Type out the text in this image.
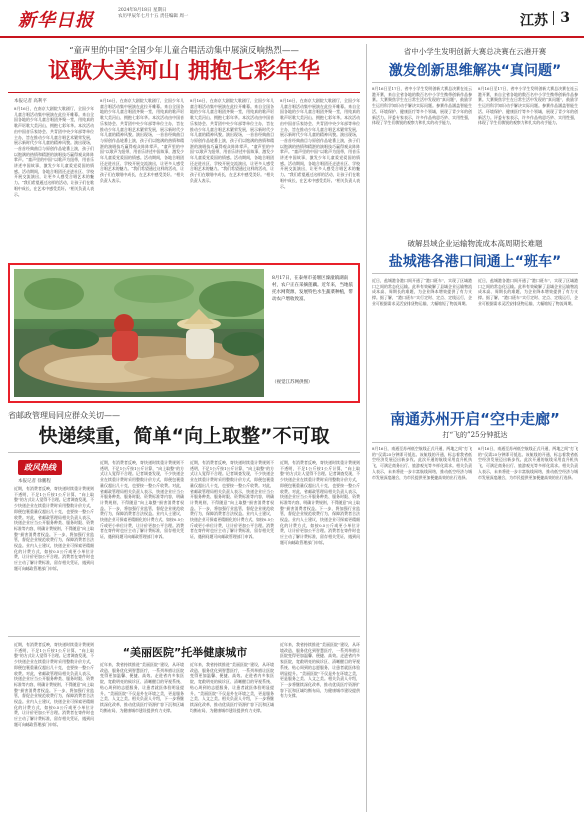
新华日报	2024年8月18日 星期日
农历甲辰年七月十五 责任编辑 周一	江苏 3
“童声里的中国”全国少年儿童合唱活动集中展演反响热烈——
讴歌大美河山 拥抱七彩年华
本报记者 高利平
8月16日，在南京大剧院大歌剧厅，全国少年儿童合唱活动集中展演在此拉开帷幕。来自全国各地的少年儿童合唱团齐聚一堂，用纯真的歌声讴歌大美河山、拥抱七彩年华。本次活动由中国音乐家协会、共青团中央少年部等单位主办，旨在推动少年儿童合唱艺术繁荣发展，展示新时代少年儿童的精神风貌。演出现场，一首首经典曲目与原创作品轮番上演，孩子们以饱满的热情和精湛的演唱技巧赢得观众阵阵掌声。“童声里的中国”以歌声为纽带，用音乐讲述中国故事，激发少年儿童爱党爱国的情感。活动期间，各地合唱团还走进社区、学校开展交流演出，让更多人感受合唱艺术的魅力。“我们希望通过这样的活动，让孩子们在歌唱中成长，在艺术中感受美好。”相关负责人表示。
8月16日，在南京大剧院大歌剧厅，全国少年儿童合唱活动集中展演在此拉开帷幕。来自全国各地的少年儿童合唱团齐聚一堂，用纯真的歌声讴歌大美河山、拥抱七彩年华。本次活动由中国音乐家协会、共青团中央少年部等单位主办，旨在推动少年儿童合唱艺术繁荣发展，展示新时代少年儿童的精神风貌。演出现场，一首首经典曲目与原创作品轮番上演，孩子们以饱满的热情和精湛的演唱技巧赢得观众阵阵掌声。“童声里的中国”以歌声为纽带，用音乐讲述中国故事，激发少年儿童爱党爱国的情感。活动期间，各地合唱团还走进社区、学校开展交流演出，让更多人感受合唱艺术的魅力。“我们希望通过这样的活动，让孩子们在歌唱中成长，在艺术中感受美好。”相关负责人表示。
8月16日，在南京大剧院大歌剧厅，全国少年儿童合唱活动集中展演在此拉开帷幕。来自全国各地的少年儿童合唱团齐聚一堂，用纯真的歌声讴歌大美河山、拥抱七彩年华。本次活动由中国音乐家协会、共青团中央少年部等单位主办，旨在推动少年儿童合唱艺术繁荣发展，展示新时代少年儿童的精神风貌。演出现场，一首首经典曲目与原创作品轮番上演，孩子们以饱满的热情和精湛的演唱技巧赢得观众阵阵掌声。“童声里的中国”以歌声为纽带，用音乐讲述中国故事，激发少年儿童爱党爱国的情感。活动期间，各地合唱团还走进社区、学校开展交流演出，让更多人感受合唱艺术的魅力。“我们希望通过这样的活动，让孩子们在歌唱中成长，在艺术中感受美好。”相关负责人表示。
8月16日，在南京大剧院大歌剧厅，全国少年儿童合唱活动集中展演在此拉开帷幕。来自全国各地的少年儿童合唱团齐聚一堂，用纯真的歌声讴歌大美河山、拥抱七彩年华。本次活动由中国音乐家协会、共青团中央少年部等单位主办，旨在推动少年儿童合唱艺术繁荣发展，展示新时代少年儿童的精神风貌。演出现场，一首首经典曲目与原创作品轮番上演，孩子们以饱满的热情和精湛的演唱技巧赢得观众阵阵掌声。“童声里的中国”以歌声为纽带，用音乐讲述中国故事，激发少年儿童爱党爱国的情感。活动期间，各地合唱团还走进社区、学校开展交流演出，让更多人感受合唱艺术的魅力。“我们希望通过这样的活动，让孩子们在歌唱中成长，在艺术中感受美好。”相关负责人表示。
8月17日，在泰州市姜堰区溱潼镇湖南村，农户正在采摘莲藕。近年来，当地依托水网资源，发展特色水生蔬菜种植，带动农户增收致富。
（视觉江苏网供图）
省邮政管理局同应群众关切——
快递续重，简单“向上取整”不可取
政风热线
本报记者 徐鹏程
近期，有消费者反映，寄快递时续重计费规则不透明，不足1公斤按1公斤计算，“向上取整”的方式让人觉得不合理。记者调查发现，不少快递企业在续重计费时采用整数计价方式，即便包裹重量仅超出几十克，也要按一整公斤收费。对此，省邮政管理局相关负责人表示，快递企业应当公开服务种类、服务时限、资费标准等内容，明确计费规则，不得随意“向上取整”损害消费者权益。下一步，将加强行业监管，督促企业规范收费行为，保障消费者合法权益。业内人士建议，快递企业可探索更精细化的计费方式，如按0.5公斤或更小单位计费，让计价更加公平合理。消费者在寄件时也应主动了解计费标准，留存相关凭证，遇到问题可向邮政管理部门申诉。
近期，有消费者反映，寄快递时续重计费规则不透明，不足1公斤按1公斤计算，“向上取整”的方式让人觉得不合理。记者调查发现，不少快递企业在续重计费时采用整数计价方式，即便包裹重量仅超出几十克，也要按一整公斤收费。对此，省邮政管理局相关负责人表示，快递企业应当公开服务种类、服务时限、资费标准等内容，明确计费规则，不得随意“向上取整”损害消费者权益。下一步，将加强行业监管，督促企业规范收费行为，保障消费者合法权益。业内人士建议，快递企业可探索更精细化的计费方式，如按0.5公斤或更小单位计费，让计价更加公平合理。消费者在寄件时也应主动了解计费标准，留存相关凭证，遇到问题可向邮政管理部门申诉。
近期，有消费者反映，寄快递时续重计费规则不透明，不足1公斤按1公斤计算，“向上取整”的方式让人觉得不合理。记者调查发现，不少快递企业在续重计费时采用整数计价方式，即便包裹重量仅超出几十克，也要按一整公斤收费。对此，省邮政管理局相关负责人表示，快递企业应当公开服务种类、服务时限、资费标准等内容，明确计费规则，不得随意“向上取整”损害消费者权益。下一步，将加强行业监管，督促企业规范收费行为，保障消费者合法权益。业内人士建议，快递企业可探索更精细化的计费方式，如按0.5公斤或更小单位计费，让计价更加公平合理。消费者在寄件时也应主动了解计费标准，留存相关凭证，遇到问题可向邮政管理部门申诉。
近期，有消费者反映，寄快递时续重计费规则不透明，不足1公斤按1公斤计算，“向上取整”的方式让人觉得不合理。记者调查发现，不少快递企业在续重计费时采用整数计价方式，即便包裹重量仅超出几十克，也要按一整公斤收费。对此，省邮政管理局相关负责人表示，快递企业应当公开服务种类、服务时限、资费标准等内容，明确计费规则，不得随意“向上取整”损害消费者权益。下一步，将加强行业监管，督促企业规范收费行为，保障消费者合法权益。业内人士建议，快递企业可探索更精细化的计费方式，如按0.5公斤或更小单位计费，让计价更加公平合理。消费者在寄件时也应主动了解计费标准，留存相关凭证，遇到问题可向邮政管理部门申诉。
近期，有消费者反映，寄快递时续重计费规则不透明，不足1公斤按1公斤计算，“向上取整”的方式让人觉得不合理。记者调查发现，不少快递企业在续重计费时采用整数计价方式，即便包裹重量仅超出几十克，也要按一整公斤收费。对此，省邮政管理局相关负责人表示，快递企业应当公开服务种类、服务时限、资费标准等内容，明确计费规则，不得随意“向上取整”损害消费者权益。下一步，将加强行业监管，督促企业规范收费行为，保障消费者合法权益。业内人士建议，快递企业可探索更精细化的计费方式，如按0.5公斤或更小单位计费，让计价更加公平合理。消费者在寄件时也应主动了解计费标准，留存相关凭证，遇到问题可向邮政管理部门申诉。
“美丽医院”托举健康城市
近年来，我省持续推进“美丽医院”建设，从环境改造、服务优化到智慧医疗，一系列举措让医院变得更加温馨、便捷、高效。走进省内多家医院，宽敞明亮的候诊区、清晰醒目的导视系统、贴心周到的志愿服务，让患者就医体验明显提升。“美丽医院”不仅是外在环境之美，更是服务之美、人文之美。相关负责人介绍，下一步将继续深化改革，推动优质医疗资源扩容下沉和区域均衡布局，为健康城市建设提供有力支撑。
近年来，我省持续推进“美丽医院”建设，从环境改造、服务优化到智慧医疗，一系列举措让医院变得更加温馨、便捷、高效。走进省内多家医院，宽敞明亮的候诊区、清晰醒目的导视系统、贴心周到的志愿服务，让患者就医体验明显提升。“美丽医院”不仅是外在环境之美，更是服务之美、人文之美。相关负责人介绍，下一步将继续深化改革，推动优质医疗资源扩容下沉和区域均衡布局，为健康城市建设提供有力支撑。
近年来，我省持续推进“美丽医院”建设，从环境改造、服务优化到智慧医疗，一系列举措让医院变得更加温馨、便捷、高效。走进省内多家医院，宽敞明亮的候诊区、清晰醒目的导视系统、贴心周到的志愿服务，让患者就医体验明显提升。“美丽医院”不仅是外在环境之美，更是服务之美、人文之美。相关负责人介绍，下一步将继续深化改革，推动优质医疗资源扩容下沉和区域均衡布局，为健康城市建设提供有力支撑。
省中小学生发明创新大赛总决赛在云港开赛
激发创新思维解决“真问题”
8月16日至17日，省中小学生发明创新大赛总决赛在连云港开赛，来自全省各地的数百名中小学生携带创新作品参赛。大赛聚焦学生在日常生活中发现的“真问题”，鼓励学生运用科学知识动手解决实际问题。参赛作品涵盖智能生活、环境保护、健康医疗等多个领域，展现了青少年的创新活力。评委专家表示，许多作品构思巧妙、实用性强，体现了学生们敏锐的观察力和扎实的动手能力。
8月16日至17日，省中小学生发明创新大赛总决赛在连云港开赛，来自全省各地的数百名中小学生携带创新作品参赛。大赛聚焦学生在日常生活中发现的“真问题”，鼓励学生运用科学知识动手解决实际问题。参赛作品涵盖智能生活、环境保护、健康医疗等多个领域，展现了青少年的创新活力。评委专家表示，许多作品构思巧妙、实用性强，体现了学生们敏锐的观察力和扎实的动手能力。
破解县域企业运输物流成本高周期长难题
盐城港各港口间通上“班车”
近日，盐城港各港口间开通了“港口班车”，实现了区域港口之间的常态化运输。此举有效破解了县域企业运输物流成本高、周期长的难题，为企业降本增效提供了有力支撑。据了解，“港口班车”实行定时、定点、定线运行，企业可根据需求灵活安排货物运输，大幅缩短了物流周期。
近日，盐城港各港口间开通了“港口班车”，实现了区域港口之间的常态化运输。此举有效破解了县域企业运输物流成本高、周期长的难题，为企业降本增效提供了有力支撑。据了解，“港口班车”实行定时、定点、定线运行，企业可根据需求灵活安排货物运输，大幅缩短了物流周期。
南通苏州开启“空中走廊”
打“飞的”25分钟抵达
8月16日，南通至苏州低空航线正式开通，两地之间“打飞的”仅需25分钟即可抵达。该航线的开通，标志着我省低空经济发展迈出新步伐。此次开通的航线采用直升机执飞，可满足商务出行、旅游观光等多样化需求。相关负责人表示，未来将进一步丰富航线网络，推动低空经济与城市发展深度融合，为市民提供更加便捷高效的出行选择。
8月16日，南通至苏州低空航线正式开通，两地之间“打飞的”仅需25分钟即可抵达。该航线的开通，标志着我省低空经济发展迈出新步伐。此次开通的航线采用直升机执飞，可满足商务出行、旅游观光等多样化需求。相关负责人表示，未来将进一步丰富航线网络，推动低空经济与城市发展深度融合，为市民提供更加便捷高效的出行选择。
